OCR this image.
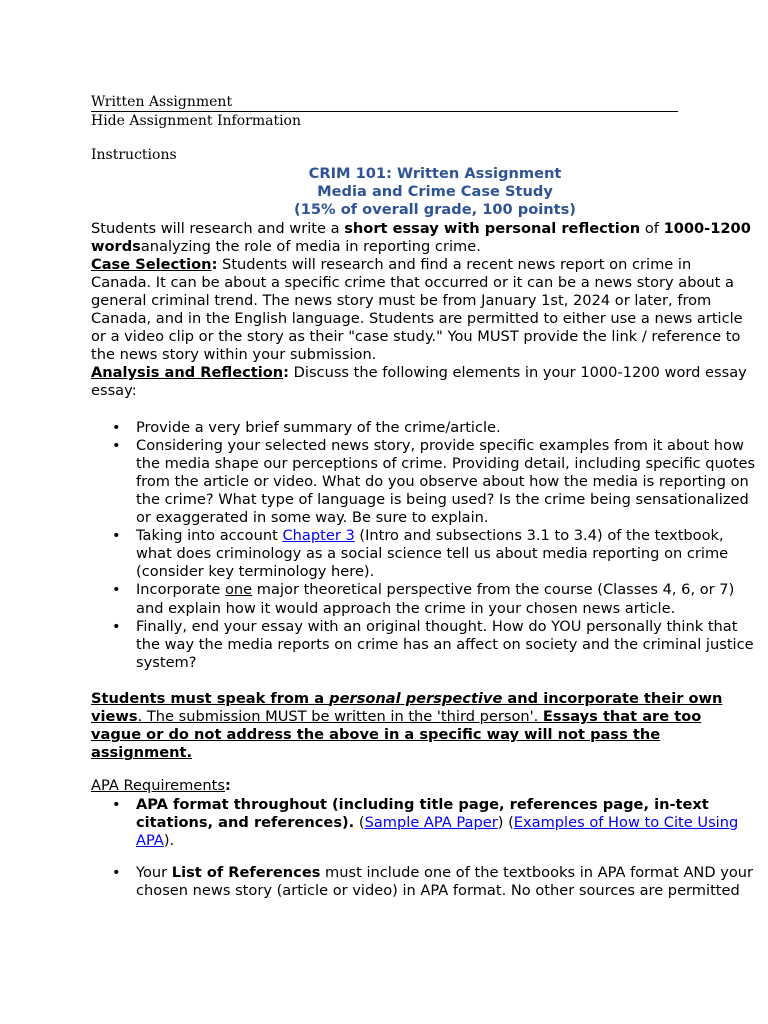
Written Assignment
Hide Assignment Information
Instructions
CRIM 101: Written Assignment
Media and Crime Case Study
(15% of overall grade, 100 points)
Students will research and write a short essay with personal reflection of 1000-1200
wordsanalyzing the role of media in reporting crime.
Case Selection: Students will research and find a recent news report on crime in
Canada. It can be about a specific crime that occurred or it can be a news story about a
general criminal trend. The news story must be from January 1st, 2024 or later, from
Canada, and in the English language. Students are permitted to either use a news article
or a video clip or the story as their "case study." You MUST provide the link / reference to
the news story within your submission.
Analysis and Reflection: Discuss the following elements in your 1000-1200 word essay
essay:
• Provide a very brief summary of the crime/article.
• Considering your selected news story, provide specific examples from it about how
the media shape our perceptions of crime. Providing detail, including specific quotes
from the article or video. What do you observe about how the media is reporting on
the crime? What type of language is being used? Is the crime being sensationalized
or exaggerated in some way. Be sure to explain.
• Taking into account Chapter 3 (Intro and subsections 3.1 to 3.4) of the textbook,
what does criminology as a social science tell us about media reporting on crime
(consider key terminology here).
• Incorporate one major theoretical perspective from the course (Classes 4, 6, or 7)
and explain how it would approach the crime in your chosen news article.
• Finally, end your essay with an original thought. How do YOU personally think that
the way the media reports on crime has an affect on society and the criminal justice
system?
Students must speak from a personal perspective and incorporate their own
views. The submission MUST be written in the 'third person'. Essays that are too
vague or do not address the above in a specific way will not pass the
assignment.
APA Requirements:
• APA format throughout (including title page, references page, in-text
citations, and references). (Sample APA Paper) (Examples of How to Cite Using
APA).
• Your List of References must include one of the textbooks in APA format AND your
chosen news story (article or video) in APA format. No other sources are permitted
